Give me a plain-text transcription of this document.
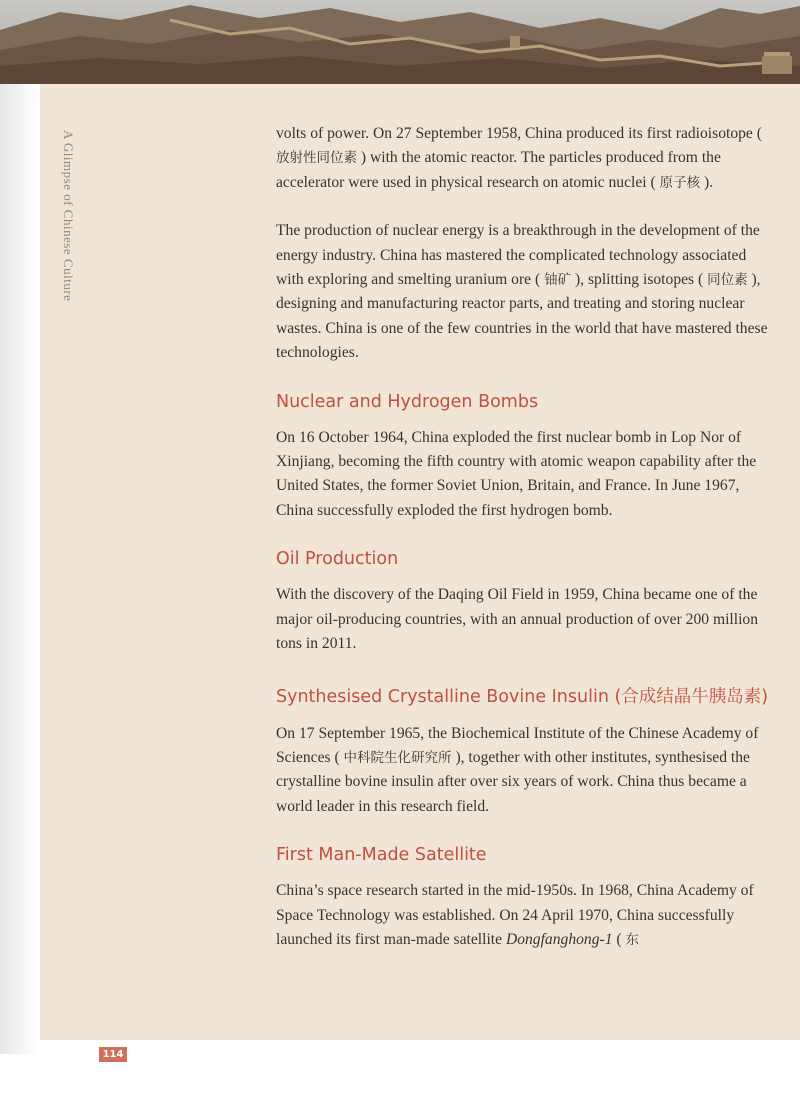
A Glimpse of Chinese Culture	volts of power. On 27 September 1958, China produced its first radioisotope ( 放射性同位素 ) with the atomic reactor. The particles produced from the accelerator were used in physical research on atomic nuclei ( 原子核 ).

The production of nuclear energy is a breakthrough in the development of the energy industry. China has mastered the complicated technology associated with exploring and smelting uranium ore ( 铀矿 ), splitting isotopes ( 同位素 ), designing and manufacturing reactor parts, and treating and storing nuclear wastes. China is one of the few countries in the world that have mastered these technologies.

Nuclear and Hydrogen Bombs

On 16 October 1964, China exploded the first nuclear bomb in Lop Nor of Xinjiang, becoming the fifth country with atomic weapon capability after the United States, the former Soviet Union, Britain, and France. In June 1967, China successfully exploded the first hydrogen bomb.

Oil Production

With the discovery of the Daqing Oil Field in 1959, China became one of the major oil-producing countries, with an annual production of over 200 million tons in 2011.

Synthesised Crystalline Bovine Insulin (合成结晶牛胰岛素)

On 17 September 1965, the Biochemical Institute of the Chinese Academy of Sciences ( 中科院生化研究所 ), together with other institutes, synthesised the crystalline bovine insulin after over six years of work. China thus became a world leader in this research field.

First Man-Made Satellite

China’s space research started in the mid-1950s. In 1968, China Academy of Space Technology was established. On 24 April 1970, China successfully launched its first man-made satellite Dongfanghong-1 ( 东

114
